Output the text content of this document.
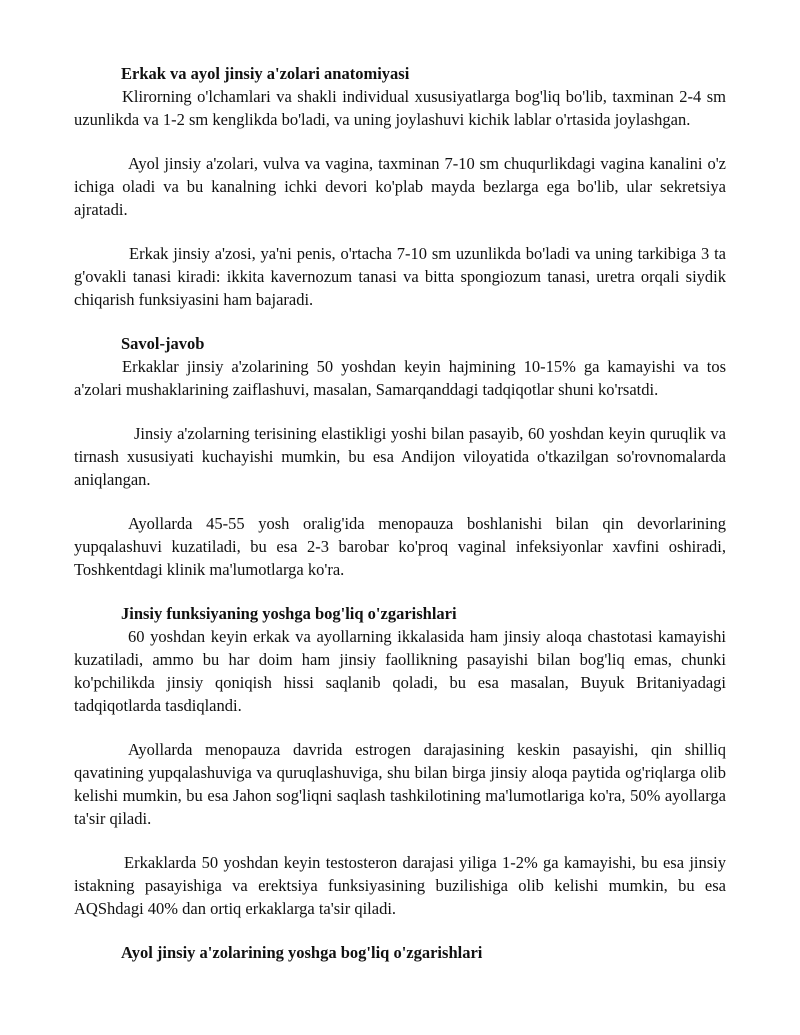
Erkak va ayol jinsiy a'zolari anatomiyasi

Klirorning o'lchamlari va shakli individual xususiyatlarga bog'liq bo'lib, taxminan 2-4 sm uzunlikda va 1-2 sm kenglikda bo'ladi, va uning joylashuvi kichik lablar o'rtasida joylashgan.

Ayol jinsiy a'zolari, vulva va vagina, taxminan 7-10 sm chuqurlikdagi vagina kanalini o'z ichiga oladi va bu kanalning ichki devori ko'plab mayda bezlarga ega bo'lib, ular sekretsiya ajratadi.

Erkak jinsiy a'zosi, ya'ni penis, o'rtacha 7-10 sm uzunlikda bo'ladi va uning tarkibiga 3 ta g'ovakli tanasi kiradi: ikkita kavernozum tanasi va bitta spongiozum tanasi, uretra orqali siydik chiqarish funksiyasini ham bajaradi.

Savol-javob

Erkaklar jinsiy a'zolarining 50 yoshdan keyin hajmining 10-15% ga kamayishi va tos a'zolari mushaklarining zaiflashuvi, masalan, Samarqanddagi tadqiqotlar shuni ko'rsatdi.

Jinsiy a'zolarning terisining elastikligi yoshi bilan pasayib, 60 yoshdan keyin quruqlik va tirnash xususiyati kuchayishi mumkin, bu esa Andijon viloyatida o'tkazilgan so'rovnomalarda aniqlangan.

Ayollarda 45-55 yosh oralig'ida menopauza boshlanishi bilan qin devorlarining yupqalashuvi kuzatiladi, bu esa 2-3 barobar ko'proq vaginal infeksiyonlar xavfini oshiradi, Toshkentdagi klinik ma'lumotlarga ko'ra.

Jinsiy funksiyaning yoshga bog'liq o'zgarishlari

60 yoshdan keyin erkak va ayollarning ikkalasida ham jinsiy aloqa chastotasi kamayishi kuzatiladi, ammo bu har doim ham jinsiy faollikning pasayishi bilan bog'liq emas, chunki ko'pchilikda jinsiy qoniqish hissi saqlanib qoladi, bu esa masalan, Buyuk Britaniyadagi tadqiqotlarda tasdiqlandi.

Ayollarda menopauza davrida estrogen darajasining keskin pasayishi, qin shilliq qavatining yupqalashuviga va quruqlashuviga, shu bilan birga jinsiy aloqa paytida og'riqlarga olib kelishi mumkin, bu esa Jahon sog'liqni saqlash tashkilotining ma'lumotlariga ko'ra, 50% ayollarga ta'sir qiladi.

Erkaklarda 50 yoshdan keyin testosteron darajasi yiliga 1-2% ga kamayishi, bu esa jinsiy istakning pasayishiga va erektsiya funksiyasining buzilishiga olib kelishi mumkin, bu esa AQShdagi 40% dan ortiq erkaklarga ta'sir qiladi.

Ayol jinsiy a'zolarining yoshga bog'liq o'zgarishlari
